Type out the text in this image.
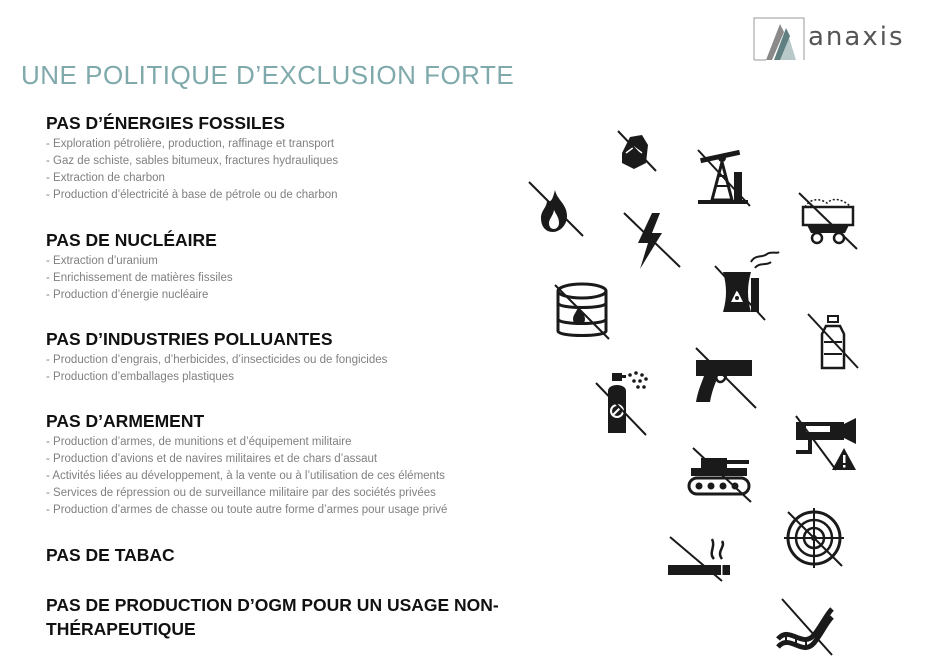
anaxis
UNE POLITIQUE D’EXCLUSION FORTE
PAS D’ÉNERGIES FOSSILES
- Exploration pétrolière, production, raffinage et transport
- Gaz de schiste, sables bitumeux, fractures hydrauliques
- Extraction de charbon
- Production d’électricité à base de pétrole ou de charbon
PAS DE NUCLÉAIRE
- Extraction d’uranium
- Enrichissement de matières fissiles
- Production d’énergie nucléaire
PAS D’INDUSTRIES POLLUANTES
- Production d’engrais, d’herbicides, d’insecticides ou de fongicides
- Production d’emballages plastiques
PAS D’ARMEMENT
- Production d’armes, de munitions et d’équipement militaire
- Production d’avions et de navires militaires et de chars d’assaut
- Activités liées au développement, à la vente ou à l’utilisation de ces éléments
- Services de répression ou de surveillance militaire par des sociétés privées
- Production d’armes de chasse ou toute autre forme d’armes pour usage privé
PAS DE TABAC
PAS DE PRODUCTION D’OGM POUR UN USAGE NON-
THÉRAPEUTIQUE
